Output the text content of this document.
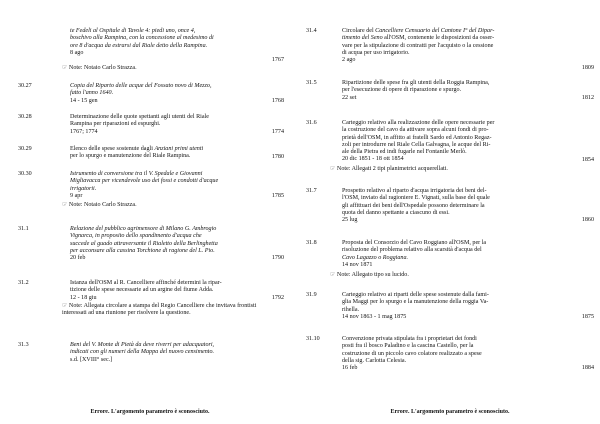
te Fedeli al Ospitale di Tavole 4: piedi uno, once 4,
boschivo alla Rampina, con la concessione al medesimo di
ore 8 d'acqua da estrarsi dal Riale detto della Rampina.
8 ago
1767
☞ Note: Notaio Carlo Strazza.
30.27	Copia del Riparto delle acque del Fossato novo di Mezzo,
fatto l'anno 1640.
14 - 15 gen	1768
30.28	Determinazione delle quote spettanti agli utenti del Riale
Rampina per riparazioni ed espurghi.
1767; 1774	1774
30.29	Elenco delle spese sostenute dagli Anziani primi utenti
per lo spurgo e manutenzione del Riale Rampina.	1780
30.30	Istrumento di conversione tra il V. Spedale e Giovanni
Migliavacca per vicendevole uso dei fossi e condotti d'acque
irrigatorii.
9 apr	1785
☞ Note: Notaio Carlo Strazza.
31.1	Relazione del pubblico agrimensore di Milano G. Ambrogio
Vignarca, in proposito dello spandimento d'acqua che
succede al guado attraversante il Rialetto della Berlinghetta
per acconsare alla cassina Torchione di ragione del L. Pio.
20 feb	1790
31.2	Istanza dell'OSM al R. Cancelliere affinché determini la ripar-
tizione delle spese necessarie ad un argine del fiume Adda.
12 - 18 giu	1792
☞ Note: Allegata circolare a stampa del Regio Cancelliere che invitava frontisti interessati ad una riunione per risolvere la questione.
31.3	Beni del V. Monte di Pietà da deve riverri per adacquatori,
indicati con gli numeri della Mappa del nuovo censimento.
s.d. [XVIII° sec.]
Errore. L'argomento parametro è sconosciuto.
31.4	Circolare del Cancelliere Censuario del Cantone I° del Dipar-
timento del Seno all'OSM, contenente le disposizioni da osser-
vare per la stipulazione di contratti per l'acquisto o la cessione
di acqua per uso irrigatorio.
2 ago
1809
31.5	Ripartizione delle spese fra gli utenti della Roggia Rampina,
per l'esecuzione di opere di riparazione e spurgo.
22 set	1812
31.6	Carteggio relativo alla realizzazione delle opere necessarie per
la costruzione del cavo da attivare sopra alcuni fondi di pro-
prietà dell'OSM, in affitto ai fratelli Sardo ed Antonio Regaz-
zoli per introdurre nel Riale Cella Galvagna, le acque del Ri-
ale della Pietra ed indi fugarle nel Fontanile Merlò.
20 dic 1851 - 18 ott 1854	1854
☞ Note: Allegati 2 tipi planimetrici acquerellati.
31.7	Prospetto relativo al riparto d'acqua irrigatoria dei beni del-
l'OSM, inviato dal ragioniere E. Vignati, sulla base del quale
gli affittuari dei beni dell'Ospedale possono determinare la
quota del danno spettante a ciascuno di essi.
25 lug	1860
31.8	Proposta del Consorzio del Cavo Roggiano all'OSM, per la
risoluzione del problema relativo alla scarsità d'acqua del
Cavo Lagazzo o Roggiana.
14 nov 1871
☞ Note: Allegato tipo su lucido.
31.9	Carteggio relativo ai riparti delle spese sostenute dalla fami-
glia Maggi per lo spurgo e la manutenzione della roggia Va-
rihella.
14 nov 1863 - 1 mag 1875	1875
31.10	Convenzione privata stipulata fra i proprietari dei fondi
posti fra il bosco Paladino e la cascina Castello, per la
costruzione di un piccolo cavo colatore realizzato a spese
della sig. Carlotta Celesia.
16 feb	1884
Errore. L'argomento parametro è sconosciuto.
